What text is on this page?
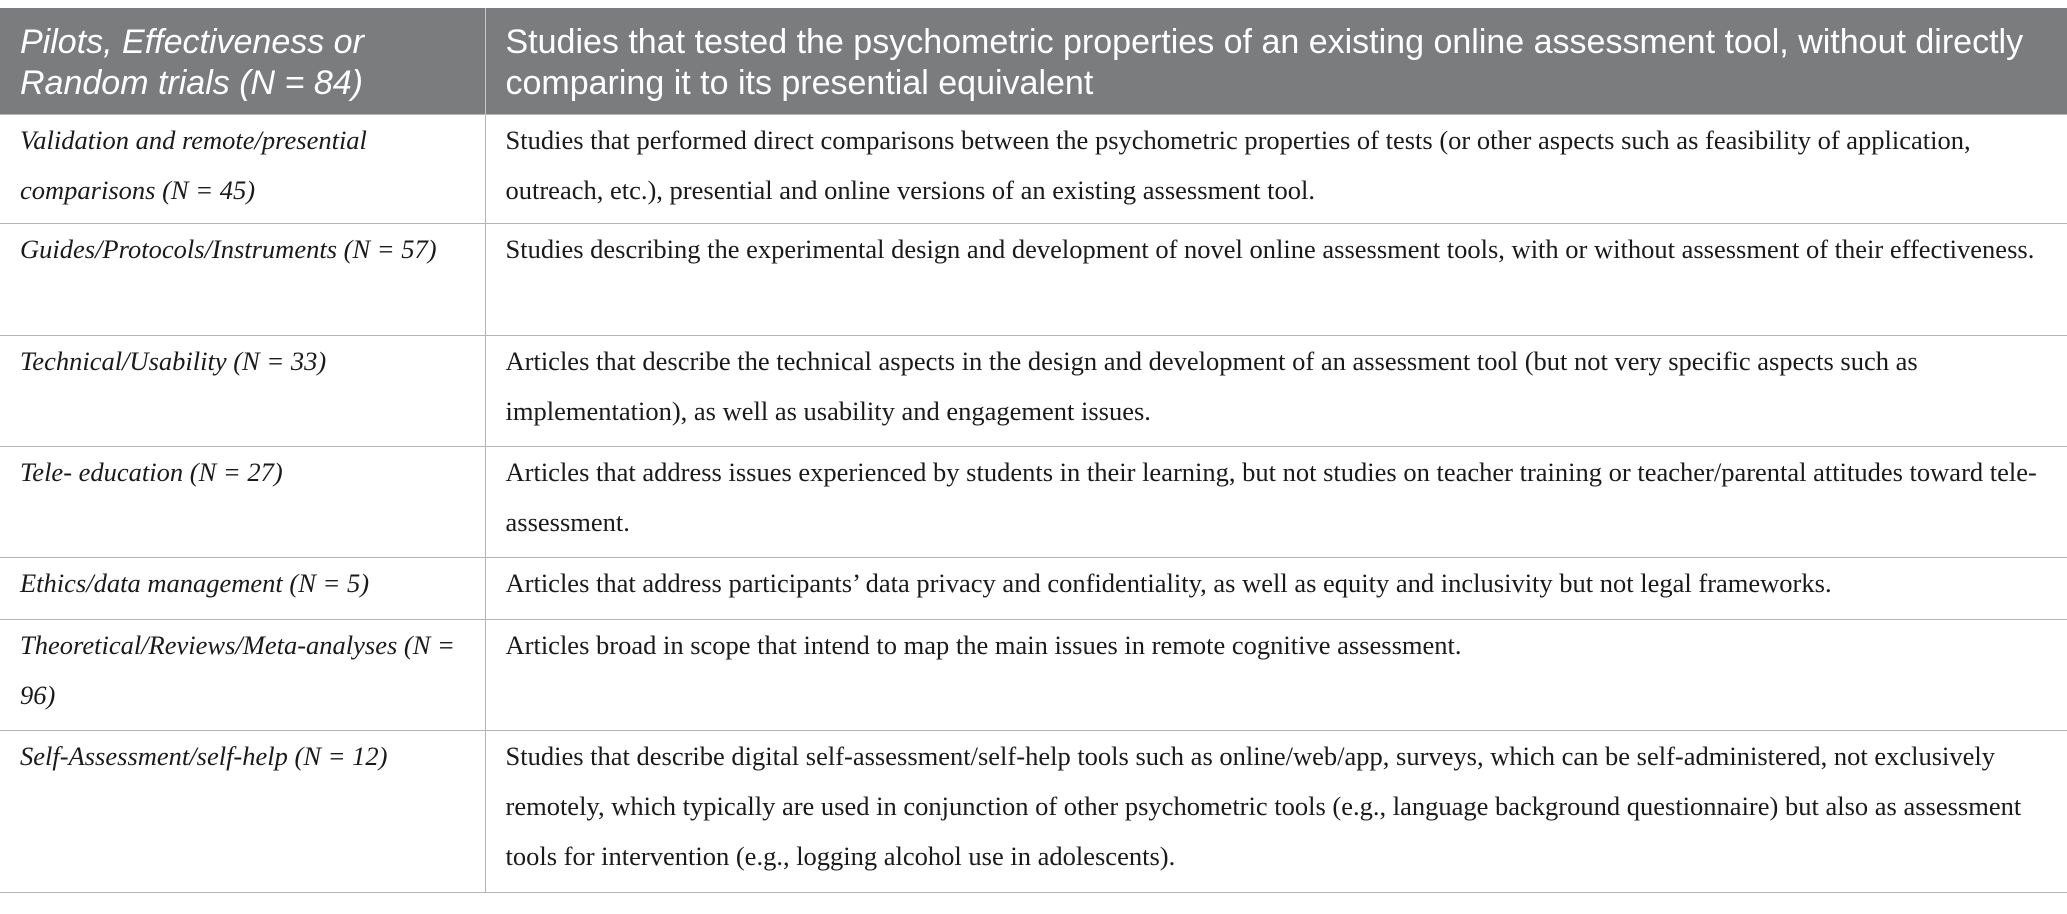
Pilots, Effectiveness or Random trials (N = 84)	Studies that tested the psychometric properties of an existing online assessment tool, without directly comparing it to its presential equivalent
Validation and remote/presential comparisons (N = 45)	Studies that performed direct comparisons between the psychometric properties of tests (or other aspects such as feasibility of application, outreach, etc.), presential and online versions of an existing assessment tool.
Guides/Protocols/Instruments (N = 57)	Studies describing the experimental design and development of novel online assessment tools, with or without assessment of their effectiveness.
Technical/Usability (N = 33)	Articles that describe the technical aspects in the design and development of an assessment tool (but not very specific aspects such as implementation), as well as usability and engagement issues.
Tele- education (N = 27)	Articles that address issues experienced by students in their learning, but not studies on teacher training or teacher/parental attitudes toward tele-assessment.
Ethics/data management (N = 5)	Articles that address participants’ data privacy and confidentiality, as well as equity and inclusivity but not legal frameworks.
Theoretical/Reviews/Meta-analyses (N = 96)	Articles broad in scope that intend to map the main issues in remote cognitive assessment.
Self-Assessment/self-help (N = 12)	Studies that describe digital self-assessment/self-help tools such as online/web/app, surveys, which can be self-administered, not exclusively remotely, which typically are used in conjunction of other psychometric tools (e.g., language background questionnaire) but also as assessment tools for intervention (e.g., logging alcohol use in adolescents).
